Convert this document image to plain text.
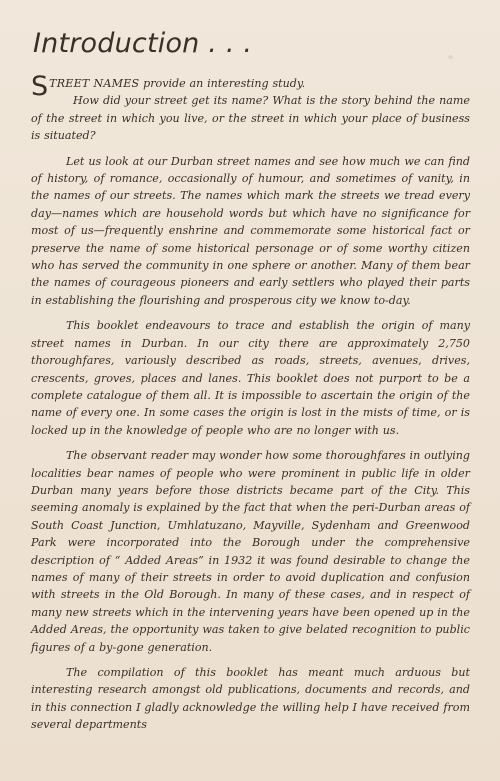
Introduction . . .

STREET NAMES provide an interesting study.
How did your street get its name? What is the story behind the name of the street in which you live, or the street in which your place of business is situated?

Let us look at our Durban street names and see how much we can find of history, of romance, occasionally of humour, and sometimes of vanity, in the names of our streets. The names which mark the streets we tread every day—names which are household words but which have no significance for most of us—frequently enshrine and commemorate some historical fact or preserve the name of some historical personage or of some worthy citizen who has served the community in one sphere or another. Many of them bear the names of courageous pioneers and early settlers who played their parts in establishing the flourishing and prosperous city we know to-day.

This booklet endeavours to trace and establish the origin of many street names in Durban. In our city there are approximately 2,750 thoroughfares, variously described as roads, streets, avenues, drives, crescents, groves, places and lanes. This booklet does not purport to be a complete catalogue of them all. It is impossible to ascertain the origin of the name of every one. In some cases the origin is lost in the mists of time, or is locked up in the knowledge of people who are no longer with us.

The observant reader may wonder how some thoroughfares in outlying localities bear names of people who were prominent in public life in older Durban many years before those districts became part of the City. This seeming anomaly is explained by the fact that when the peri-Durban areas of South Coast Junction, Umhlatuzano, Mayville, Sydenham and Greenwood Park were incorporated into the Borough under the comprehensive description of “ Added Areas” in 1932 it was found desirable to change the names of many of their streets in order to avoid duplication and confusion with streets in the Old Borough. In many of these cases, and in respect of many new streets which in the intervening years have been opened up in the Added Areas, the opportunity was taken to give belated recognition to public figures of a by-gone generation.

The compilation of this booklet has meant much arduous but interesting research amongst old publications, documents and records, and in this connection I gladly acknowledge the willing help I have received from several departments
